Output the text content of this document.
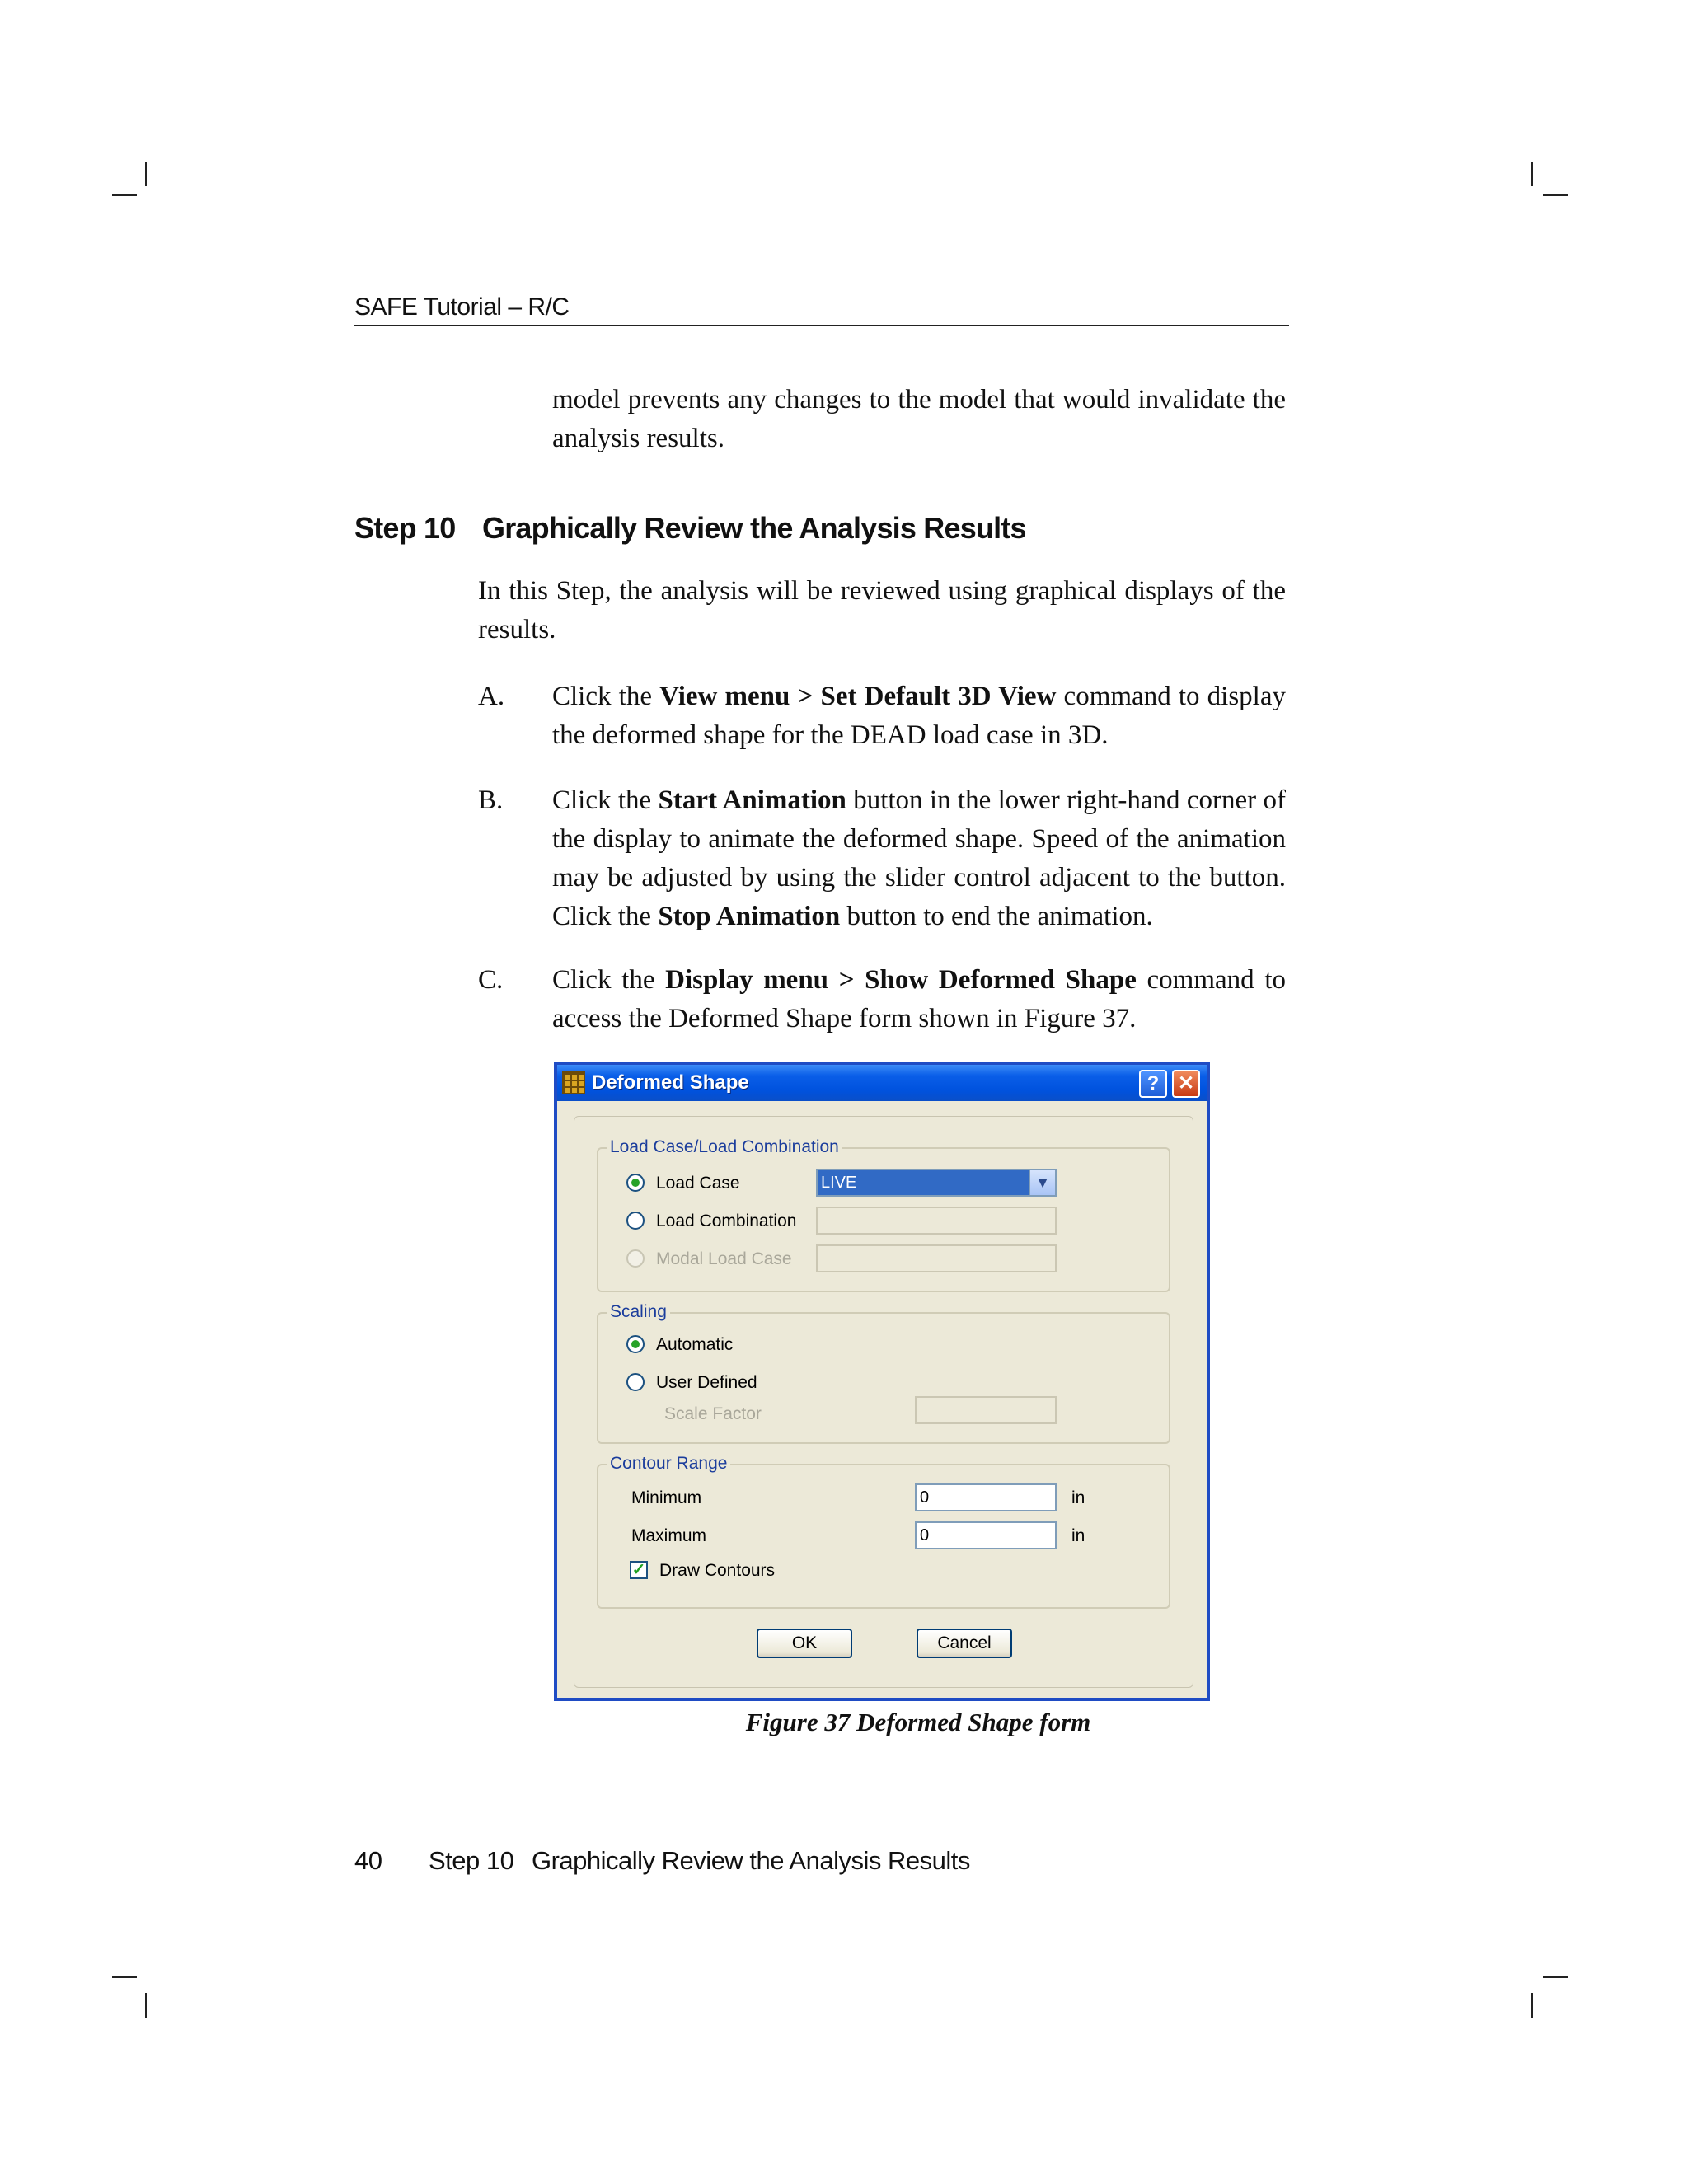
SAFE Tutorial – R/C

model prevents any changes to the model that would invalidate the analysis results.

Step 10 Graphically Review the Analysis Results

In this Step, the analysis will be reviewed using graphical displays of the results.

A. Click the View menu > Set Default 3D View command to display the deformed shape for the DEAD load case in 3D.

B. Click the Start Animation button in the lower right-hand corner of the display to animate the deformed shape. Speed of the animation may be adjusted by using the slider control adjacent to the button. Click the Stop Animation button to end the animation.

C. Click the Display menu > Show Deformed Shape command to access the Deformed Shape form shown in Figure 37.

Deformed Shape	? ✕
Load Case/Load Combination
Load Case	LIVE	▼
Load Combination
Modal Load Case
Scaling
Automatic
User Defined
Scale Factor
Contour Range
Minimum	0	in
Maximum	0	in
✓ Draw Contours
OK	Cancel
Figure 37 Deformed Shape form
40 Step 10 Graphically Review the Analysis Results
